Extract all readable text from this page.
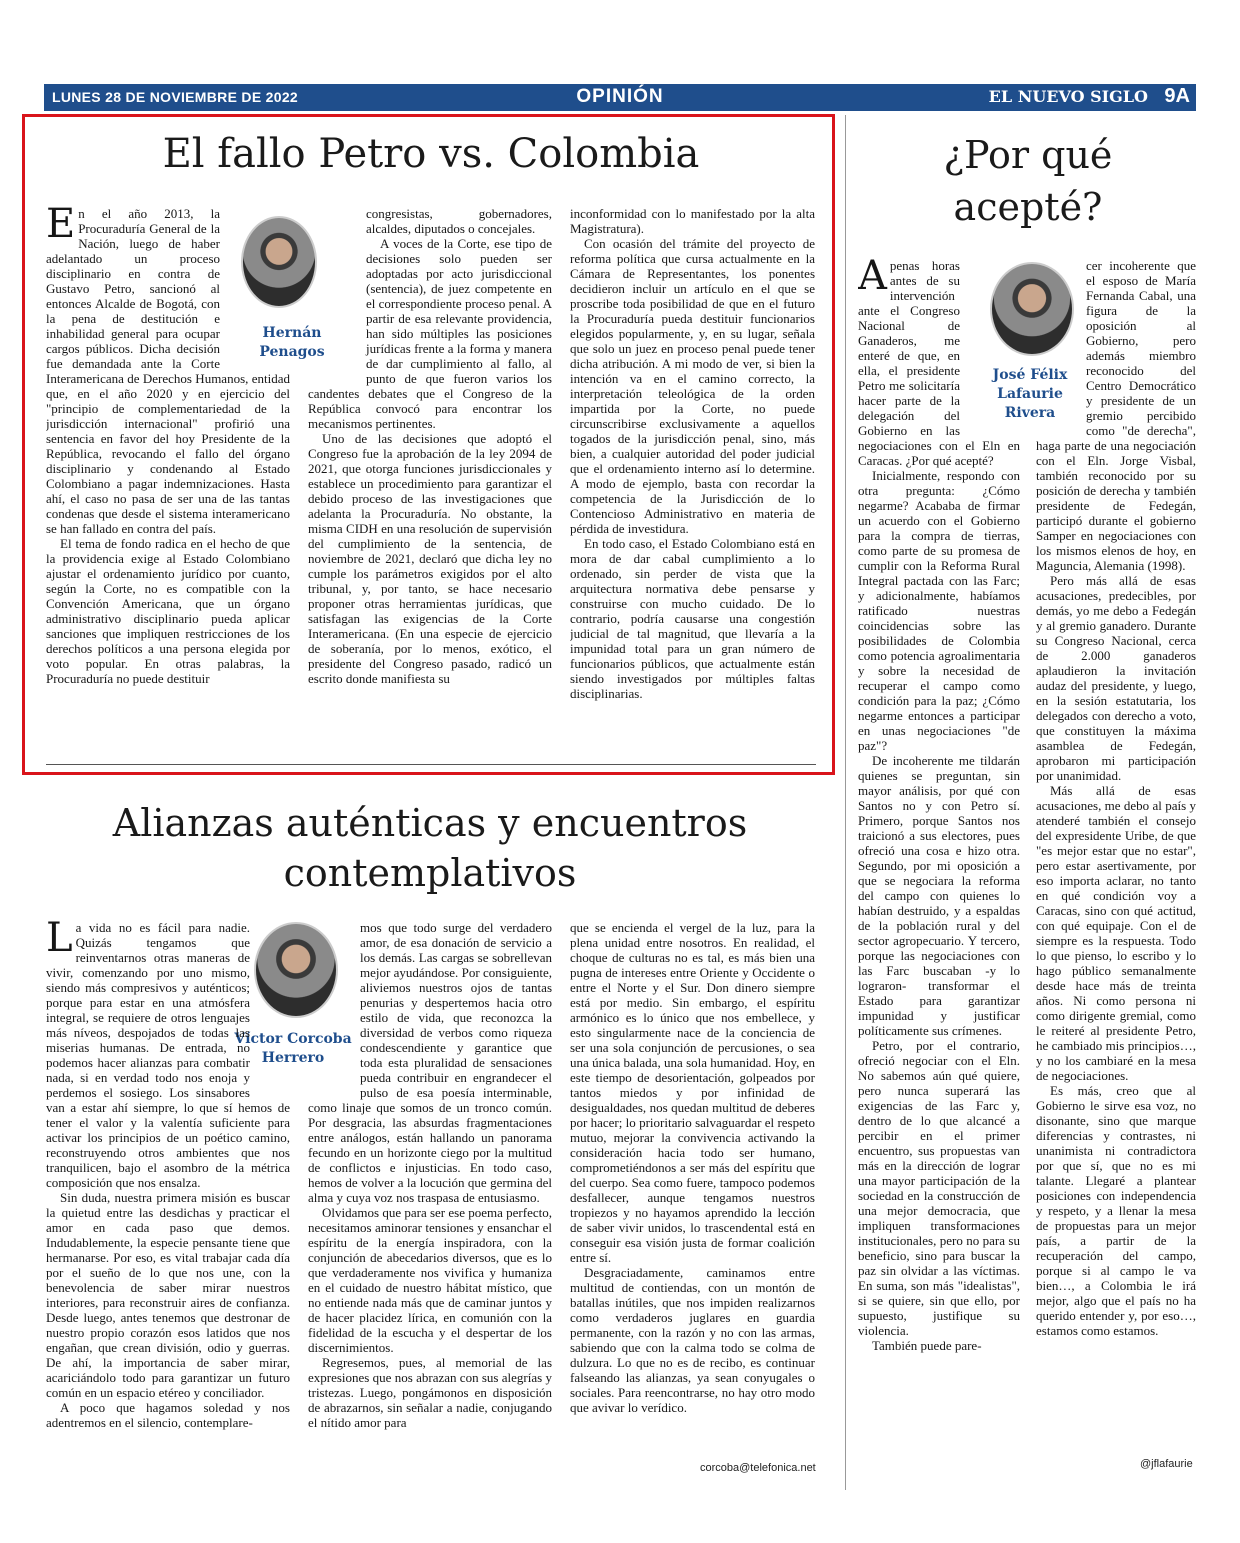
LUNES 28 DE NOVIEMBRE DE 2022	OPINIÓN	EL NUEVO SIGLO 9A
El fallo Petro vs. Colombia
Hernán Penagos
E n el año 2013, la Procuraduría General de la Nación, luego de haber adelantado un proceso disciplinario en contra de Gustavo Petro, sancionó al entonces Alcalde de Bogotá, con la pena de destitución e inhabilidad general para ocupar cargos públicos. Dicha decisión fue demandada ante la Corte Interamericana de Derechos Humanos, entidad que, en el año 2020 y en ejercicio del "principio de complementariedad de la jurisdicción internacional" profirió una sentencia en favor del hoy Presidente de la República, revocando el fallo del órgano disciplinario y condenando al Estado Colombiano a pagar indemnizaciones. Hasta ahí, el caso no pasa de ser una de las tantas condenas que desde el sistema interamericano se han fallado en contra del país.

El tema de fondo radica en el hecho de que la providencia exige al Estado Colombiano ajustar el ordenamiento jurídico por cuanto, según la Corte, no es compatible con la Convención Americana, que un órgano administrativo disciplinario pueda aplicar sanciones que impliquen restricciones de los derechos políticos a una persona elegida por voto popular. En otras palabras, la Procuraduría no puede destituir

congresistas, gobernadores, alcaldes, diputados o concejales.

A voces de la Corte, ese tipo de decisiones solo pueden ser adoptadas por acto jurisdiccional (sentencia), de juez competente en el correspondiente proceso penal. A partir de esa relevante providencia, han sido múltiples las posiciones jurídicas frente a la forma y manera de dar cumplimiento al fallo, al punto de que fueron varios los candentes debates que el Congreso de la República convocó para encontrar los mecanismos pertinentes.

Uno de las decisiones que adoptó el Congreso fue la aprobación de la ley 2094 de 2021, que otorga funciones jurisdiccionales y establece un procedimiento para garantizar el debido proceso de las investigaciones que adelanta la Procuraduría. No obstante, la misma CIDH en una resolución de supervisión del cumplimiento de la sentencia, de noviembre de 2021, declaró que dicha ley no cumple los parámetros exigidos por el alto tribunal, y, por tanto, se hace necesario proponer otras herramientas jurídicas, que satisfagan las exigencias de la Corte Interamericana. (En una especie de ejercicio de soberanía, por lo menos, exótico, el presidente del Congreso pasado, radicó un escrito donde manifiesta su

inconformidad con lo manifestado por la alta Magistratura).

Con ocasión del trámite del proyecto de reforma política que cursa actualmente en la Cámara de Representantes, los ponentes decidieron incluir un artículo en el que se proscribe toda posibilidad de que en el futuro la Procuraduría pueda destituir funcionarios elegidos popularmente, y, en su lugar, señala que solo un juez en proceso penal puede tener dicha atribución. A mi modo de ver, si bien la intención va en el camino correcto, la interpretación teleológica de la orden impartida por la Corte, no puede circunscribirse exclusivamente a aquellos togados de la jurisdicción penal, sino, más bien, a cualquier autoridad del poder judicial que el ordenamiento interno así lo determine. A modo de ejemplo, basta con recordar la competencia de la Jurisdicción de lo Contencioso Administrativo en materia de pérdida de investidura.

En todo caso, el Estado Colombiano está en mora de dar cabal cumplimiento a lo ordenado, sin perder de vista que la arquitectura normativa debe pensarse y construirse con mucho cuidado. De lo contrario, podría causarse una congestión judicial de tal magnitud, que llevaría a la impunidad total para un gran número de funcionarios públicos, que actualmente están siendo investigados por múltiples faltas disciplinarias.

Alianzas auténticas y encuentros contemplativos
Víctor Corcoba Herrero
L a vida no es fácil para nadie. Quizás tengamos que reinventarnos otras maneras de vivir, comenzando por uno mismo, siendo más compresivos y auténticos; porque para estar en una atmósfera integral, se requiere de otros lenguajes más níveos, despojados de todas las miserias humanas. De entrada, no podemos hacer alianzas para combatir nada, si en verdad todo nos enoja y perdemos el sosiego. Los sinsabores van a estar ahí siempre, lo que sí hemos de tener el valor y la valentía suficiente para activar los principios de un poético camino, reconstruyendo otros ambientes que nos tranquilicen, bajo el asombro de la métrica composición que nos ensalza.

Sin duda, nuestra primera misión es buscar la quietud entre las desdichas y practicar el amor en cada paso que demos. Indudablemente, la especie pensante tiene que hermanarse. Por eso, es vital trabajar cada día por el sueño de lo que nos une, con la benevolencia de saber mirar nuestros interiores, para reconstruir aires de confianza. Desde luego, antes tenemos que destronar de nuestro propio corazón esos latidos que nos engañan, que crean división, odio y guerras. De ahí, la importancia de saber mirar, acariciándolo todo para garantizar un futuro común en un espacio etéreo y conciliador.

A poco que hagamos soledad y nos adentremos en el silencio, contemplare-

mos que todo surge del verdadero amor, de esa donación de servicio a los demás. Las cargas se sobrellevan mejor ayudándose. Por consiguiente, aliviemos nuestros ojos de tantas penurias y despertemos hacia otro estilo de vida, que reconozca la diversidad de verbos como riqueza condescendiente y garantice que toda esta pluralidad de sensaciones pueda contribuir en engrandecer el pulso de esa poesía interminable, como linaje que somos de un tronco común. Por desgracia, las absurdas fragmentaciones entre análogos, están hallando un panorama fecundo en un horizonte ciego por la multitud de conflictos e injusticias. En todo caso, hemos de volver a la locución que germina del alma y cuya voz nos traspasa de entusiasmo.

Olvidamos que para ser ese poema perfecto, necesitamos aminorar tensiones y ensanchar el espíritu de la energía inspiradora, con la conjunción de abecedarios diversos, que es lo que verdaderamente nos vivifica y humaniza en el cuidado de nuestro hábitat místico, que no entiende nada más que de caminar juntos y de hacer placidez lírica, en comunión con la fidelidad de la escucha y el despertar de los discernimientos.

Regresemos, pues, al memorial de las expresiones que nos abrazan con sus alegrías y tristezas. Luego, pongámonos en disposición de abrazarnos, sin señalar a nadie, conjugando el nítido amor para

que se encienda el vergel de la luz, para la plena unidad entre nosotros. En realidad, el choque de culturas no es tal, es más bien una pugna de intereses entre Oriente y Occidente o entre el Norte y el Sur. Don dinero siempre está por medio. Sin embargo, el espíritu armónico es lo único que nos embellece, y esto singularmente nace de la conciencia de ser una sola conjunción de percusiones, o sea una única balada, una sola humanidad. Hoy, en este tiempo de desorientación, golpeados por tantos miedos y por infinidad de desigualdades, nos quedan multitud de deberes por hacer; lo prioritario salvaguardar el respeto mutuo, mejorar la convivencia activando la consideración hacia todo ser humano, comprometiéndonos a ser más del espíritu que del cuerpo. Sea como fuere, tampoco podemos desfallecer, aunque tengamos nuestros tropiezos y no hayamos aprendido la lección de saber vivir unidos, lo trascendental está en conseguir esa visión justa de formar coalición entre sí.

Desgraciadamente, caminamos entre multitud de contiendas, con un montón de batallas inútiles, que nos impiden realizarnos como verdaderos juglares en guardia permanente, con la razón y no con las armas, sabiendo que con la calma todo se colma de dulzura. Lo que no es de recibo, es continuar falseando las alianzas, ya sean conyugales o sociales. Para reencontrarse, no hay otro modo que avivar lo verídico.

corcoba@telefonica.net
¿Por qué
acepté?
José Félix Lafaurie Rivera
A penas horas antes de su intervención ante el Congreso Nacional de Ganaderos, me enteré de que, en ella, el presidente Petro me solicitaría hacer parte de la delegación del Gobierno en las negociaciones con el Eln en Caracas. ¿Por qué acepté?

Inicialmente, respondo con otra pregunta: ¿Cómo negarme? Acababa de firmar un acuerdo con el Gobierno para la compra de tierras, como parte de su promesa de cumplir con la Reforma Rural Integral pactada con las Farc; y adicionalmente, habíamos ratificado nuestras coincidencias sobre las posibilidades de Colombia como potencia agroalimentaria y sobre la necesidad de recuperar el campo como condición para la paz; ¿Cómo negarme entonces a participar en unas negociaciones "de paz"?

De incoherente me tildarán quienes se preguntan, sin mayor análisis, por qué con Santos no y con Petro sí. Primero, porque Santos nos traicionó a sus electores, pues ofreció una cosa e hizo otra. Segundo, por mi oposición a que se negociara la reforma del campo con quienes lo habían destruido, y a espaldas de la población rural y del sector agropecuario. Y tercero, porque las negociaciones con las Farc buscaban -y lo lograron- transformar el Estado para garantizar impunidad y justificar políticamente sus crímenes.

Petro, por el contrario, ofreció negociar con el Eln. No sabemos aún qué quiere, pero nunca superará las exigencias de las Farc y, dentro de lo que alcancé a percibir en el primer encuentro, sus propuestas van más en la dirección de lograr una mayor participación de la sociedad en la construcción de una mejor democracia, que impliquen transformaciones institucionales, pero no para su beneficio, sino para buscar la paz sin olvidar a las víctimas. En suma, son más "idealistas", si se quiere, sin que ello, por supuesto, justifique su violencia.

También puede pare-

cer incoherente que el esposo de María Fernanda Cabal, una figura de la oposición al Gobierno, pero además miembro reconocido del Centro Democrático y presidente de un gremio percibido como "de derecha", haga parte de una negociación con el Eln. Jorge Visbal, también reconocido por su posición de derecha y también presidente de Fedegán, participó durante el gobierno Samper en negociaciones con los mismos elenos de hoy, en Maguncia, Alemania (1998).

Pero más allá de esas acusaciones, predecibles, por demás, yo me debo a Fedegán y al gremio ganadero. Durante su Congreso Nacional, cerca de 2.000 ganaderos aplaudieron la invitación audaz del presidente, y luego, en la sesión estatutaria, los delegados con derecho a voto, que constituyen la máxima asamblea de Fedegán, aprobaron mi participación por unanimidad.

Más allá de esas acusaciones, me debo al país y atenderé también el consejo del expresidente Uribe, de que "es mejor estar que no estar", pero estar asertivamente, por eso importa aclarar, no tanto en qué condición voy a Caracas, sino con qué actitud, con qué equipaje. Con el de siempre es la respuesta. Todo lo que pienso, lo escribo y lo hago público semanalmente desde hace más de treinta años. Ni como persona ni como dirigente gremial, como le reiteré al presidente Petro, he cambiado mis principios…, y no los cambiaré en la mesa de negociaciones.

Es más, creo que al Gobierno le sirve esa voz, no disonante, sino que marque diferencias y contrastes, ni unanimista ni contradictora por que sí, que no es mi talante. Llegaré a plantear posiciones con independencia y respeto, y a llenar la mesa de propuestas para un mejor país, a partir de la recuperación del campo, porque si al campo le va bien…, a Colombia le irá mejor, algo que el país no ha querido entender y, por eso…, estamos como estamos.

@jflafaurie
